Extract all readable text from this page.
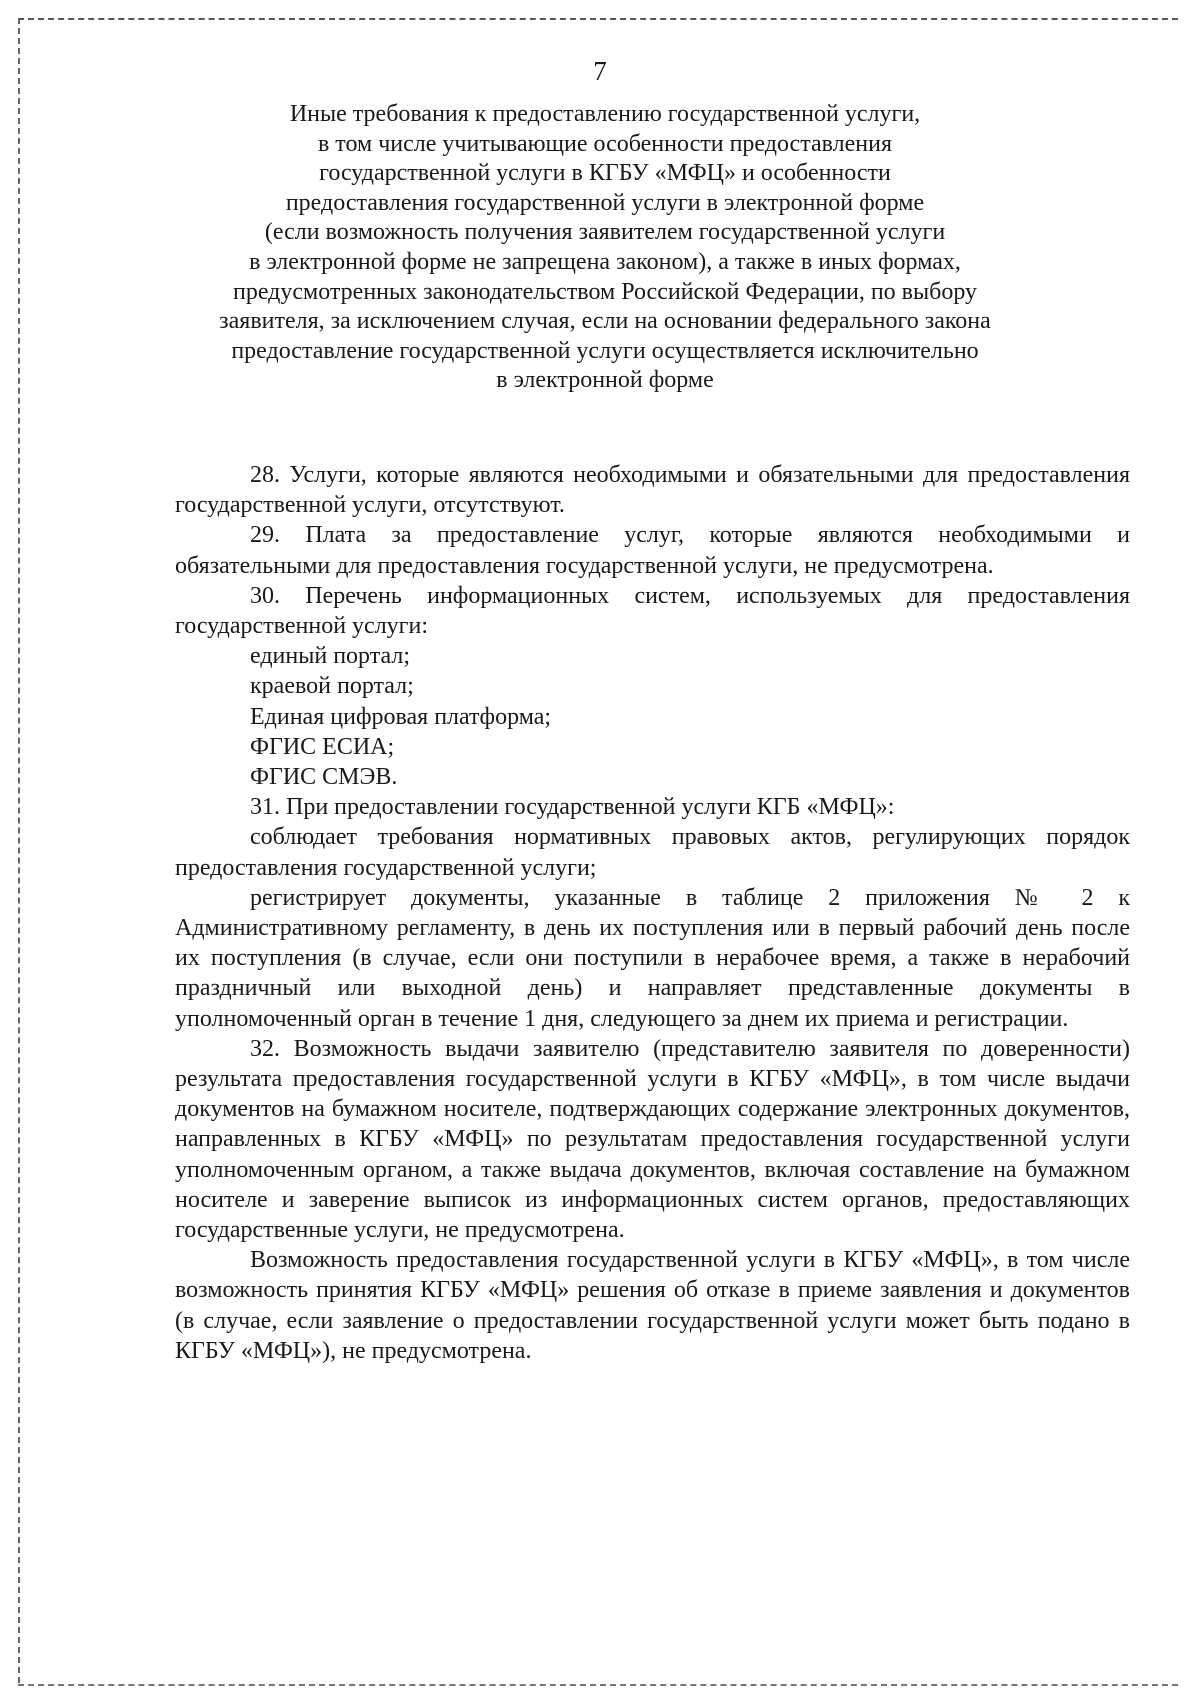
7
Иные требования к предоставлению государственной услуги,
в том числе учитывающие особенности предоставления
государственной услуги в КГБУ «МФЦ» и особенности
предоставления государственной услуги в электронной форме
(если возможность получения заявителем государственной услуги
в электронной форме не запрещена законом), а также в иных формах,
предусмотренных законодательством Российской Федерации, по выбору
заявителя, за исключением случая, если на основании федерального закона
предоставление государственной услуги осуществляется исключительно
в электронной форме

28. Услуги, которые являются необходимыми и обязательными для предоставления государственной услуги, отсутствуют.

29. Плата за предоставление услуг, которые являются необходимыми и обязательными для предоставления государственной услуги, не предусмотрена.

30. Перечень информационных систем, используемых для предоставления государственной услуги:

единый портал;

краевой портал;

Единая цифровая платформа;

ФГИС ЕСИА;

ФГИС СМЭВ.

31. При предоставлении государственной услуги КГБ «МФЦ»:

соблюдает требования нормативных правовых актов, регулирующих порядок предоставления государственной услуги;

регистрирует документы, указанные в таблице 2 приложения № 2 к Административному регламенту, в день их поступления или в первый рабочий день после их поступления (в случае, если они поступили в нерабочее время, а также в нерабочий праздничный или выходной день) и направляет представленные документы в уполномоченный орган в течение 1 дня, следующего за днем их приема и регистрации.

32. Возможность выдачи заявителю (представителю заявителя по доверенности) результата предоставления государственной услуги в КГБУ «МФЦ», в том числе выдачи документов на бумажном носителе, подтверждающих содержание электронных документов, направленных в КГБУ «МФЦ» по результатам предоставления государственной услуги уполномоченным органом, а также выдача документов, включая составление на бумажном носителе и заверение выписок из информационных систем органов, предоставляющих государственные услуги, не предусмотрена.

Возможность предоставления государственной услуги в КГБУ «МФЦ», в том числе возможность принятия КГБУ «МФЦ» решения об отказе в приеме заявления и документов (в случае, если заявление о предоставлении государственной услуги может быть подано в КГБУ «МФЦ»), не предусмотрена.
